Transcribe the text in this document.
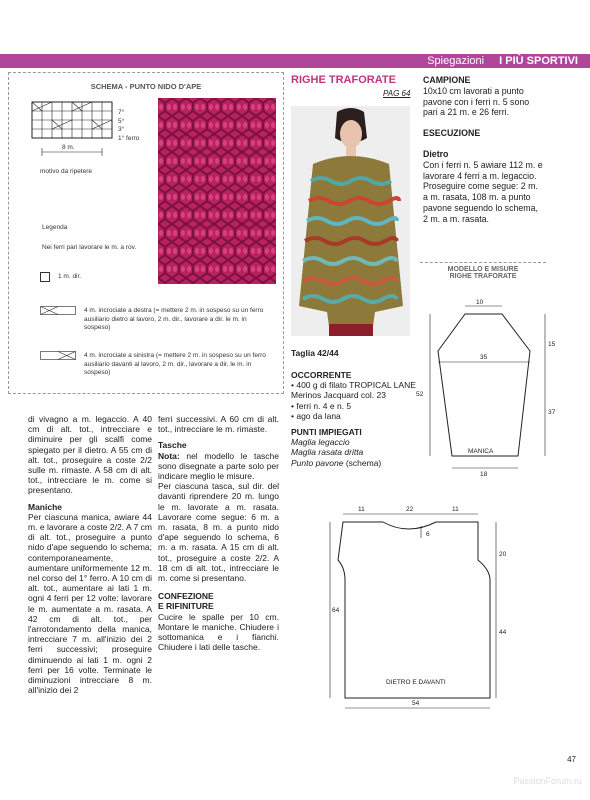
Spiegazioni I PIÙ SPORTIVI
SCHEMA - PUNTO NIDO D'APE
7°
5°
3°
1° ferro
8 m.
motivo da ripetere
Legenda
Nei ferri pari lavorare le m. a rov.
1 m. dir.
4 m. incrociate a destra (= mettere 2 m. in sospeso su un ferro ausiliario dietro al lavoro, 2 m. dir., lavorare a dir. le m. in sospeso)
4 m. incrociate a sinistra (= mettere 2 m. in sospeso su un ferro ausiliario davanti al lavoro, 2 m. dir., lavorare a dir. le m. in sospeso)

di vivagno a m. legaccio. A 40 cm di alt. tot., intrecciare e diminuire per gli scalfi come spiegato per il dietro. A 55 cm di alt. tot., proseguire a coste 2/2 sulle m. rimaste. A 58 cm di alt. tot., intrecciare le m. come si presentano.

Maniche

Per ciascuna manica, awiare 44 m. e lavorare a coste 2/2. A 7 cm di alt. tot., proseguire a punto nido d'ape seguendo lo schema; contemporaneamente, aumentare uniformemente 12 m. nel corso del 1° ferro. A 10 cm di alt. tot., aumentare ai lati 1 m. ogni 4 ferri per 12 volte: lavorare le m. aumentate a m. rasata. A 42 cm di alt. tot., per l'arrotondamento della manica, intrecciare 7 m. all'inizio dei 2 ferri successivi; proseguire diminuendo ai lati 1 m. ogni 2 ferri per 16 volte. Terminate le diminuzioni intrecciare 8 m. all'inizio dei 2

ferri successivi. A 60 cm di alt. tot., intrecciare le m. rimaste.

Tasche

Nota: nel modello le tasche sono disegnate a parte solo per indicare meglio le misure.

Per ciascuna tasca, sul dir. del davanti riprendere 20 m. lungo le m. lavorate a m. rasata. Lavorare come segue: 6 m. a m. rasata, 8 m. a punto nido d'ape seguendo lo schema, 6 m. a m. rasata. A 15 cm di alt. tot., proseguire a coste 2/2. A 18 cm di alt. tot., intrecciare le m. come si presentano.

CONFEZIONE

E RIFINITURE

Cucire le spalle per 10 cm. Montare le maniche. Chiudere i sottomanica e i fianchi. Chiudere i lati delle tasche.

RIGHE TRAFORATE
PAG 64
Taglia 42/44

OCCORRENTE

• 400 g di filato TROPICAL LANE Merinos Jacquard col. 23

• ferri n. 4 e n. 5

• ago da lana

PUNTI IMPIEGATI

Maglia legaccio

Maglia rasata dritta

Punto pavone (schema)

CAMPIONE

10x10 cm lavorati a punto pavone con i ferri n. 5 sono pari a 21 m. e 26 ferri.

ESECUZIONE

Dietro

Con i ferri n. 5 awiare 112 m. e lavorare 4 ferri a m. legaccio. Proseguire come segue: 2 m. a m. rasata, 108 m. a punto pavone seguendo lo schema, 2 m. a m. rasata.

MODELLO E MISURE
RIGHE TRAFORATE
10
35
15
37
52
MANICA
18
11	22	11
6
20
44
64
DIETRO E DAVANTI
54
47
PassionForum.ru
